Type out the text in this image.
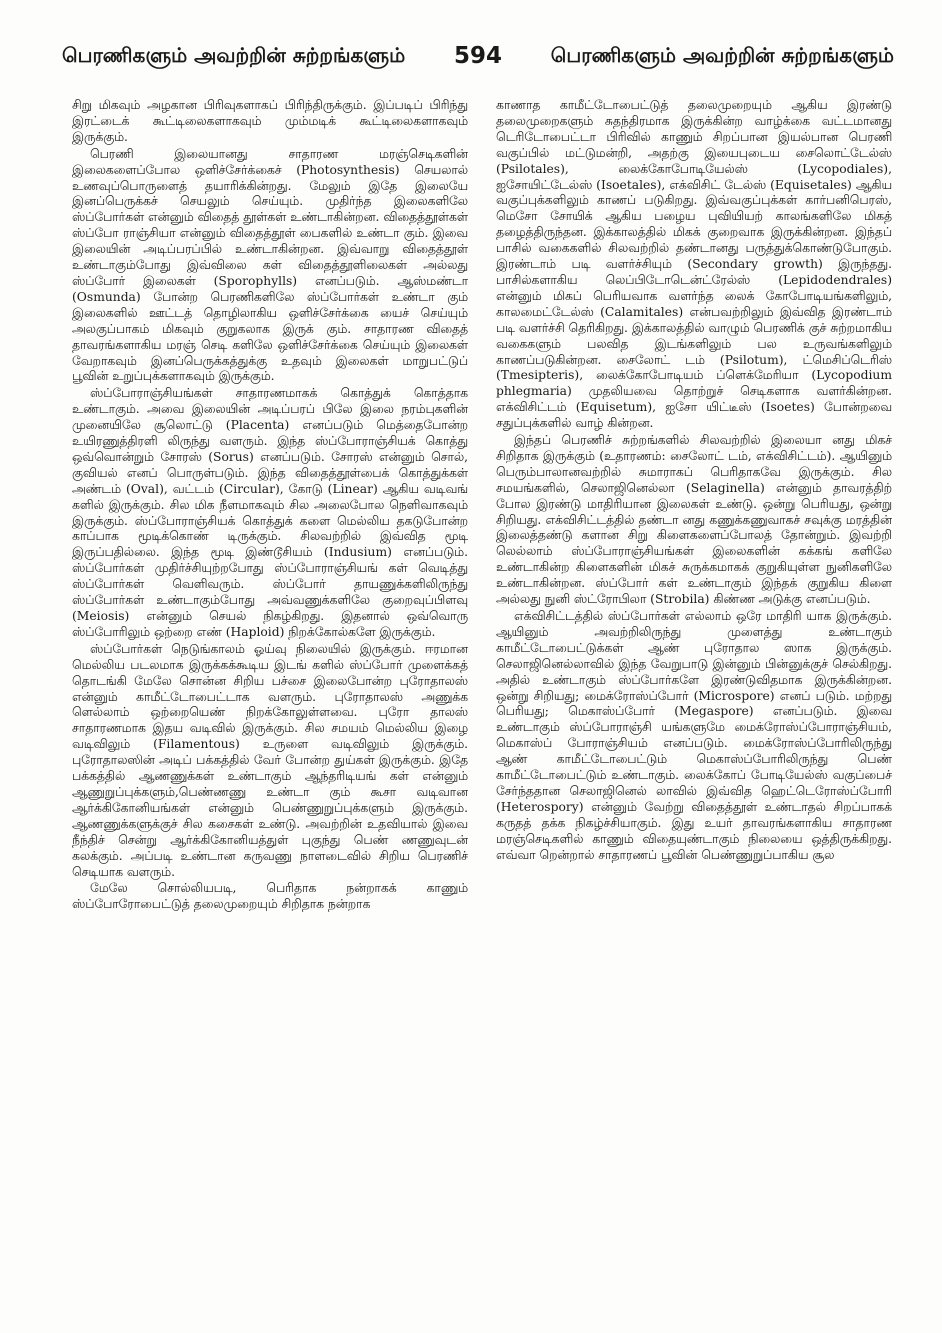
பெரணிகளும் அவற்றின் சுற்றங்களும் 594 பெரணிகளும் அவற்றின் சுற்றங்களும்

சிறு மிகவும் அழகான பிரிவுகளாகப் பிரிந்திருக்கும். இப்படிப் பிரிந்து இரட்டைக் கூட்டிலைகளாகவும் மும்மடிக் கூட்டிலைகளாகவும் இருக்கும்.

பெரணி இலையானது சாதாரண மரஞ்செடிகளின் இலைகளைப்போல ஒளிச்சேர்க்கைச் (Photosynthesis) செயலால் உணவுப்பொருளைத் தயாரிக்கின்றது. மேலும் இதே இலையே இனப்பெருக்கச் செயலும் செய்யும். முதிர்ந்த இலைகளிலே ஸ்ப்போர்கள் என்னும் விதைத் தூள்கள் உண்டாகின்றன. விதைத்தூள்கள் ஸ்ப்போ ராஞ்சியா என்னும் விதைத்தூள் பைகளில் உண்டா கும். இவை இலையின் அடிப்பரப்பில் உண்டாகின்றன. இவ்வாறு விதைத்தூள் உண்டாகும்போது இவ்விலை கள் விதைத்தூளிலைகள் அல்லது ஸ்ப்போர் இலைகள் (Sporophylls) எனப்படும். ஆஸ்மண்டா (Osmunda) போன்ற பெரணிகளிலே ஸ்ப்போர்கள் உண்டா கும் இலைகளில் ஊட்டத் தொழிலாகிய ஒளிச்சேர்க்கை யைச் செய்யும் அலகுப்பாகம் மிகவும் குறுகலாக இருக் கும். சாதாரண விதைத் தாவரங்களாகிய மரஞ் செடி களிலே ஒளிச்சேர்க்கை செய்யும் இலைகள் வேறாகவும் இனப்பெருக்கத்துக்கு உதவும் இலைகள் மாறுபட்டுப் பூவின் உறுப்புக்களாகவும் இருக்கும்.

ஸ்ப்போராஞ்சியங்கள் சாதாரணமாகக் கொத்துக் கொத்தாக உண்டாகும். அவை இலையின் அடிப்பரப் பிலே இலை நரம்புகளின் முனையிலே சூலொட்டு (Placenta) எனப்படும் மெத்தைபோன்ற உயிரணுத்திரளி லிருந்து வளரும். இந்த ஸ்ப்போராஞ்சியக் கொத்து ஒவ்வொன்றும் சோரஸ் (Sorus) எனப்படும். சோரஸ் என்னும் சொல், குவியல் எனப் பொருள்படும். இந்த விதைத்தூள்பைக் கொத்துக்கள் அண்டம் (Oval), வட்டம் (Circular), கோடு (Linear) ஆகிய வடிவங் களில் இருக்கும். சில மிக நீளமாகவும் சில அலைபோல நெளிவாகவும் இருக்கும். ஸ்ப்போராஞ்சியக் கொத்துக் களை மெல்லிய தகடுபோன்ற காப்பாக மூடிக்கொண் டிருக்கும். சிலவற்றில் இவ்வித மூடி இருப்பதில்லை. இந்த மூடி இண்டூசியம் (Indusium) எனப்படும். ஸ்ப்போர்கள் முதிர்ச்சியுற்றபோது ஸ்ப்போராஞ்சியங் கள் வெடித்து ஸ்ப்போர்கள் வெளிவரும். ஸ்ப்போர் தாயணுக்களிலிருந்து ஸ்ப்போர்கள் உண்டாகும்போது அவ்வணுக்களிலே குறைவுப்பிளவு (Meiosis) என்னும் செயல் நிகழ்கிறது. இதனால் ஒவ்வொரு ஸ்ப்போரிலும் ஒற்றை எண் (Haploid) நிறக்கோல்களே இருக்கும்.

ஸ்ப்போர்கள் நெடுங்காலம் ஓய்வு நிலையில் இருக்கும். ஈரமான மெல்லிய படலமாக இருக்கக்கூடிய இடங் களில் ஸ்ப்போர் முளைக்கத் தொடங்கி மேலே சொன்ன சிறிய பச்சை இலைபோன்ற புரோதாலஸ் என்னும் காமீட்டோபைட்டாக வளரும். புரோதாலஸ் அணுக்க ளெல்லாம் ஒற்றையெண் நிறக்கோலுள்ளவை. புரோ தாலஸ் சாதாரணமாக இதய வடிவில் இருக்கும். சில சமயம் மெல்லிய இழை வடிவிலும் (Filamentous) உருளை வடிவிலும் இருக்கும். புரோதாலஸின் அடிப் பக்கத்தில் வேர் போன்ற துய்கள் இருக்கும். இதே பக்கத்தில் ஆணணுக்கள் உண்டாகும் ஆந்தரிடியங் கள் என்னும் ஆணுறுப்புக்களும்,பெண்ணணு உண்டா கும் கூசா வடிவான ஆர்க்கிகோனியங்கள் என்னும் பெண்ணுறுப்புக்களும் இருக்கும். ஆணணுக்களுக்குச் சில கசைகள் உண்டு. அவற்றின் உதவியால் இவை நீந்திச் சென்று ஆர்க்கிகோனியத்துள் புகுந்து பெண் ணணுவுடன் கலக்கும். அப்படி உண்டான கருவணு நாளடைவில் சிறிய பெரணிச் செடியாக வளரும்.

மேலே சொல்லியபடி, பெரிதாக நன்றாகக் காணும் ஸ்ப்போரோபைட்டுத் தலைமுறையும் சிறிதாக நன்றாக

காணாத காமீட்டோபைட்டுத் தலைமுறையும் ஆகிய இரண்டு தலைமுறைகளும் சுதந்திரமாக இருக்கின்ற வாழ்க்கை வட்டமானது டெரிடோபைட்டா பிரிவில் காணும் சிறப்பான இயல்பான பெரணி வகுப்பில் மட்டுமன்றி, அதற்கு இயைபுடைய சைலொட்டேல்ஸ் (Psilotales), லைக்கோபோடியேல்ஸ் (Lycopodiales), ஐசோயிட்டேல்ஸ் (Isoetales), எக்விசிட் டேல்ஸ் (Equisetales) ஆகிய வகுப்புக்களிலும் காணப் படுகிறது. இவ்வகுப்புக்கள் கார்பனிபெரஸ், மெசோ சோயிக் ஆகிய பழைய புவியியற் காலங்களிலே மிகத் தழைத்திருந்தன. இக்காலத்தில் மிகக் குறைவாக இருக்கின்றன. இந்தப் பாசில் வகைகளில் சிலவற்றில் தண்டானது பருத்துக்கொண்டுபோகும். இரண்டாம் படி வளர்ச்சியும் (Secondary growth) இருந்தது. பாசில்களாகிய லெப்பிடோடென்ட்ரேல்ஸ் (Lepidodendrales) என்னும் மிகப் பெரியவாக வளர்ந்த லைக் கோபோடியங்களிலும், காலமைட்டேல்ஸ் (Calamitales) என்பவற்றிலும் இவ்வித இரண்டாம் படி வளர்ச்சி தெரிகிறது. இக்காலத்தில் வாழும் பெரணிக் குச் சுற்றமாகிய வகைகளும் பலவித இடங்களிலும் பல உருவங்களிலும் காணப்படுகின்றன. சைலோட் டம் (Psilotum), ட்மெசிப்டெரிஸ் (Tmesipteris), லைக்கோபோடியம் ப்ளெக்மேரியா (Lycopodium phlegmaria) முதலியவை தொற்றுச் செடிகளாக வளர்கின்றன. எக்விசிட்டம் (Equisetum), ஐசோ யிட்டீஸ் (Isoetes) போன்றவை சதுப்புக்களில் வாழ் கின்றன.

இந்தப் பெரணிச் சுற்றங்களில் சிலவற்றில் இலையா னது மிகச் சிறிதாக இருக்கும் (உதாரணம்: சைலோட் டம், எக்விசிட்டம்). ஆயினும் பெரும்பாலானவற்றில் சுமாராகப் பெரிதாகவே இருக்கும். சில சமயங்களில், செலாஜினெல்லா (Selaginella) என்னும் தாவரத்திற் போல இரண்டு மாதிரியான இலைகள் உண்டு. ஒன்று பெரியது, ஒன்று சிறியது. எக்விசிட்டத்தில் தண்டா னது கணுக்கணுவாகச் சவுக்கு மரத்தின் இலைத்தண்டு களான சிறு கிளைகளைப்போலத் தோன்றும். இவற்றி லெல்லாம் ஸ்ப்போராஞ்சியங்கள் இலைகளின் கக்கங் களிலே உண்டாகின்ற கிளைகளின் மிகச் சுருக்கமாகக் குறுகியுள்ள நுனிகளிலே உண்டாகின்றன. ஸ்ப்போர் கள் உண்டாகும் இந்தக் குறுகிய கிளை அல்லது நுனி ஸ்ட்ரோபிலா (Strobila) கிண்ண அடுக்கு எனப்படும்.

எக்விசிட்டத்தில் ஸ்ப்போர்கள் எல்லாம் ஒரே மாதிரி யாக இருக்கும். ஆயினும் அவற்றிலிருந்து முளைத்து உண்டாகும் காமீட்டோபைட்டுக்கள் ஆண் புரோதால ஸாக இருக்கும். செலாஜினெல்லாவில் இந்த வேறுபாடு இன்னும் பின்னுக்குச் செல்கிறது. அதில் உண்டாகும் ஸ்ப்போர்களே இரண்டுவிதமாக இருக்கின்றன. ஒன்று சிறியது; மைக்ரோஸ்ப்போர் (Microspore) எனப் படும். மற்றது பெரியது; மெகாஸ்ப்போர் (Megaspore) எனப்படும். இவை உண்டாகும் ஸ்ப்போராஞ்சி யங்களுமே மைக்ரோஸ்ப்போராஞ்சியம், மெகாஸ்ப் போராஞ்சியம் எனப்படும். மைக்ரோஸ்ப்போரிலிருந்து ஆண் காமீட்டோபைட்டும் மெகாஸ்ப்போரிலிருந்து பெண் காமீட்டோபைட்டும் உண்டாகும். லைக்கோப் போடியேல்ஸ் வகுப்பைச் சேர்ந்ததான செலாஜினெல் லாவில் இவ்வித ஹெட்டெரோஸ்ப்போரி (Heterospory) என்னும் வேற்று விதைத்தூள் உண்டாதல் சிறப்பாகக் கருதத் தக்க நிகழ்ச்சியாகும். இது உயர் தாவரங்களாகிய சாதாரண மரஞ்செடிகளில் காணும் விதையுண்டாகும் நிலையை ஒத்திருக்கிறது. எவ்வா றென்றால் சாதாரணப் பூவின் பெண்ணுறுப்பாகிய சூல
